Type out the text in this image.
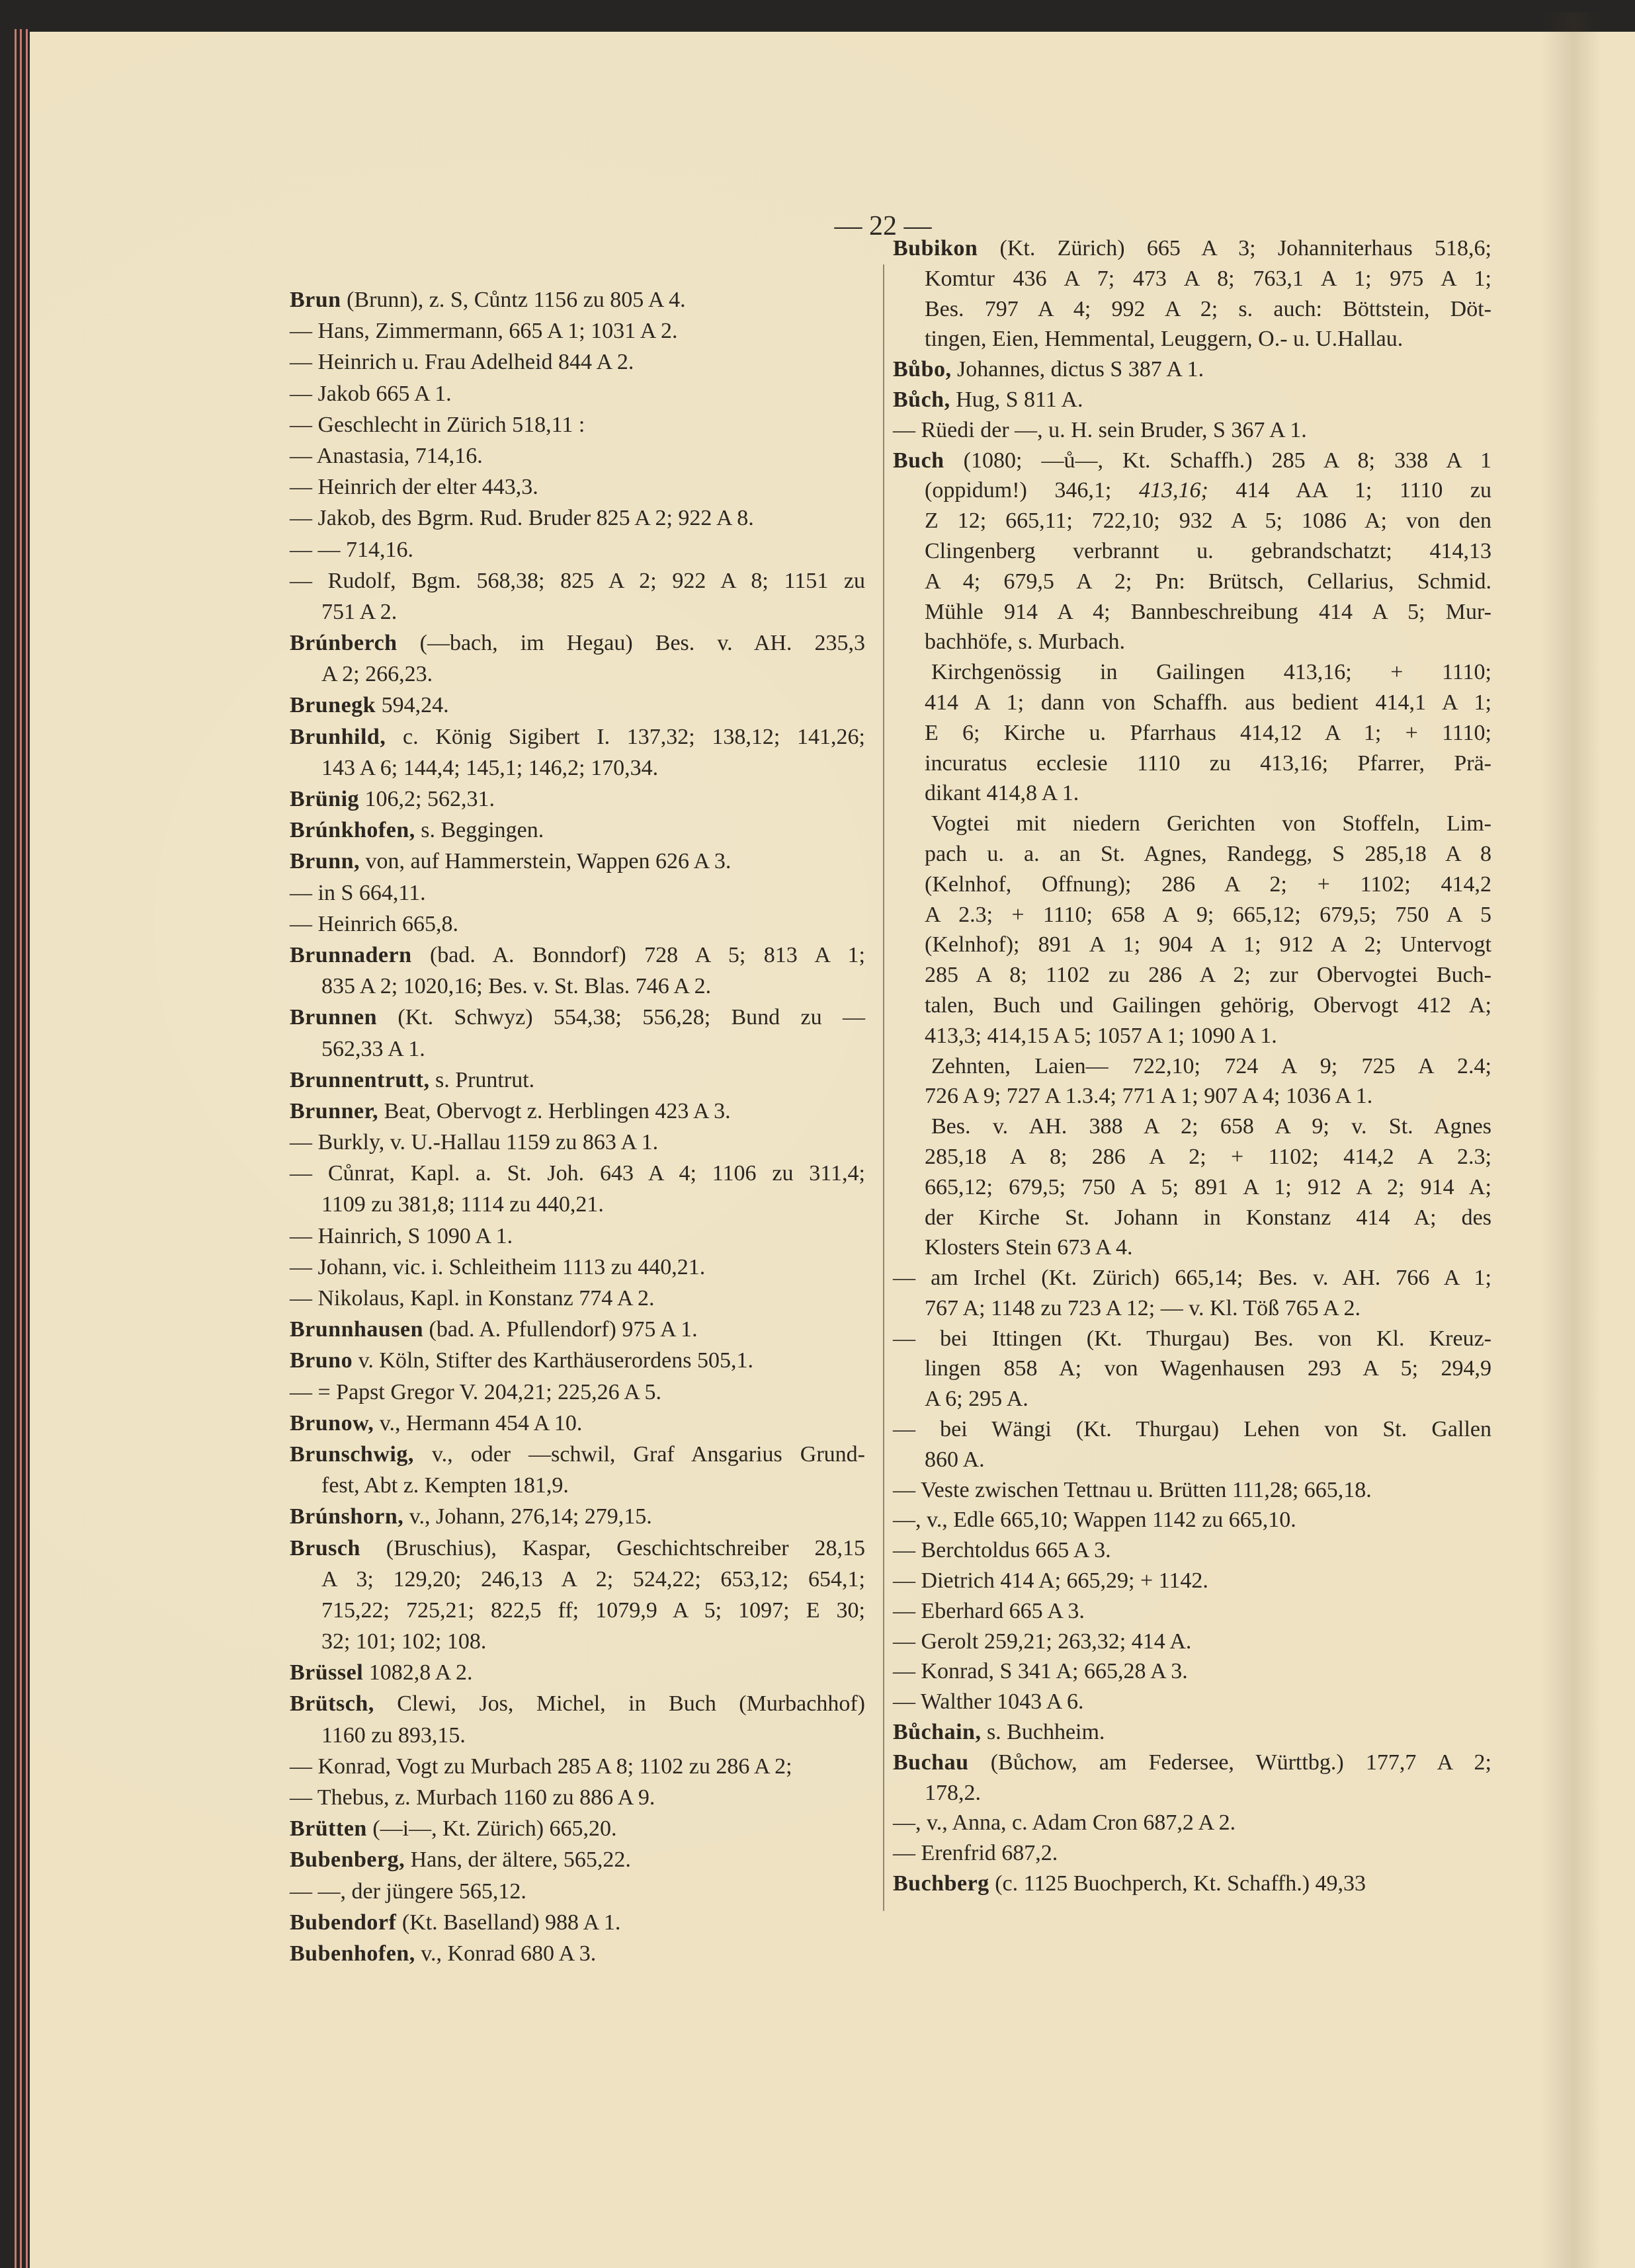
— 22 —
Brun (Brunn), z. S, Cůntz 1156 zu 805 A 4.
— Hans, Zimmermann, 665 A 1; 1031 A 2.
— Heinrich u. Frau Adelheid 844 A 2.
— Jakob 665 A 1.
— Geschlecht in Zürich 518,11 :
— Anastasia, 714,16.
— Heinrich der elter 443,3.
— Jakob, des Bgrm. Rud. Bruder 825 A 2; 922 A 8.
— — 714,16.
— Rudolf, Bgm. 568,38; 825 A 2; 922 A 8; 1151 zu
751 A 2.
Brúnberch (—bach, im Hegau) Bes. v. AH. 235,3
A 2; 266,23.
Brunegk 594,24.
Brunhild, c. König Sigibert I. 137,32; 138,12; 141,26;
143 A 6; 144,4; 145,1; 146,2; 170,34.
Brünig 106,2; 562,31.
Brúnkhofen, s. Beggingen.
Brunn, von, auf Hammerstein, Wappen 626 A 3.
— in S 664,11.
— Heinrich 665,8.
Brunnadern (bad. A. Bonndorf) 728 A 5; 813 A 1;
835 A 2; 1020,16; Bes. v. St. Blas. 746 A 2.
Brunnen (Kt. Schwyz) 554,38; 556,28; Bund zu —
562,33 A 1.
Brunnentrutt, s. Pruntrut.
Brunner, Beat, Obervogt z. Herblingen 423 A 3.
— Burkly, v. U.-Hallau 1159 zu 863 A 1.
— Cůnrat, Kapl. a. St. Joh. 643 A 4; 1106 zu 311,4;
1109 zu 381,8; 1114 zu 440,21.
— Hainrich, S 1090 A 1.
— Johann, vic. i. Schleitheim 1113 zu 440,21.
— Nikolaus, Kapl. in Konstanz 774 A 2.
Brunnhausen (bad. A. Pfullendorf) 975 A 1.
Bruno v. Köln, Stifter des Karthäuserordens 505,1.
— = Papst Gregor V. 204,21; 225,26 A 5.
Brunow, v., Hermann 454 A 10.
Brunschwig, v., oder —schwil, Graf Ansgarius Grund-
fest, Abt z. Kempten 181,9.
Brúnshorn, v., Johann, 276,14; 279,15.
Brusch (Bruschius), Kaspar, Geschichtschreiber 28,15
A 3; 129,20; 246,13 A 2; 524,22; 653,12; 654,1;
715,22; 725,21; 822,5 ff; 1079,9 A 5; 1097; E 30;
32; 101; 102; 108.
Brüssel 1082,8 A 2.
Brütsch, Clewi, Jos, Michel, in Buch (Murbachhof)
1160 zu 893,15.
— Konrad, Vogt zu Murbach 285 A 8; 1102 zu 286 A 2;
— Thebus, z. Murbach 1160 zu 886 A 9.
Brütten (—i—, Kt. Zürich) 665,20.
Bubenberg, Hans, der ältere, 565,22.
— —, der jüngere 565,12.
Bubendorf (Kt. Baselland) 988 A 1.
Bubenhofen, v., Konrad 680 A 3.
Bubikon (Kt. Zürich) 665 A 3; Johanniterhaus 518,6;
Komtur 436 A 7; 473 A 8; 763,1 A 1; 975 A 1;
Bes. 797 A 4; 992 A 2; s. auch: Böttstein, Döt-
tingen, Eien, Hemmental, Leuggern, O.- u. U.Hallau.
Bůbo, Johannes, dictus S 387 A 1.
Bůch, Hug, S 811 A.
— Rüedi der —, u. H. sein Bruder, S 367 A 1.
Buch (1080; —ů—, Kt. Schaffh.) 285 A 8; 338 A 1
(oppidum!) 346,1; 413,16; 414 AA 1; 1110 zu
Z 12; 665,11; 722,10; 932 A 5; 1086 A; von den
Clingenberg verbrannt u. gebrandschatzt; 414,13
A 4; 679,5 A 2; Pn: Brütsch, Cellarius, Schmid.
Mühle 914 A 4; Bannbeschreibung 414 A 5; Mur-
bachhöfe, s. Murbach.
Kirchgenössig in Gailingen 413,16; + 1110;
414 A 1; dann von Schaffh. aus bedient 414,1 A 1;
E 6; Kirche u. Pfarrhaus 414,12 A 1; + 1110;
incuratus ecclesie 1110 zu 413,16; Pfarrer, Prä-
dikant 414,8 A 1.
Vogtei mit niedern Gerichten von Stoffeln, Lim-
pach u. a. an St. Agnes, Randegg, S 285,18 A 8
(Kelnhof, Offnung); 286 A 2; + 1102; 414,2
A 2.3; + 1110; 658 A 9; 665,12; 679,5; 750 A 5
(Kelnhof); 891 A 1; 904 A 1; 912 A 2; Untervogt
285 A 8; 1102 zu 286 A 2; zur Obervogtei Buch-
talen, Buch und Gailingen gehörig, Obervogt 412 A;
413,3; 414,15 A 5; 1057 A 1; 1090 A 1.
Zehnten, Laien— 722,10; 724 A 9; 725 A 2.4;
726 A 9; 727 A 1.3.4; 771 A 1; 907 A 4; 1036 A 1.
Bes. v. AH. 388 A 2; 658 A 9; v. St. Agnes
285,18 A 8; 286 A 2; + 1102; 414,2 A 2.3;
665,12; 679,5; 750 A 5; 891 A 1; 912 A 2; 914 A;
der Kirche St. Johann in Konstanz 414 A; des
Klosters Stein 673 A 4.
— am Irchel (Kt. Zürich) 665,14; Bes. v. AH. 766 A 1;
767 A; 1148 zu 723 A 12; — v. Kl. Töß 765 A 2.
— bei Ittingen (Kt. Thurgau) Bes. von Kl. Kreuz-
lingen 858 A; von Wagenhausen 293 A 5; 294,9
A 6; 295 A.
— bei Wängi (Kt. Thurgau) Lehen von St. Gallen
860 A.
— Veste zwischen Tettnau u. Brütten 111,28; 665,18.
—, v., Edle 665,10; Wappen 1142 zu 665,10.
— Berchtoldus 665 A 3.
— Dietrich 414 A; 665,29; + 1142.
— Eberhard 665 A 3.
— Gerolt 259,21; 263,32; 414 A.
— Konrad, S 341 A; 665,28 A 3.
— Walther 1043 A 6.
Bůchain, s. Buchheim.
Buchau (Bůchow, am Federsee, Württbg.) 177,7 A 2;
178,2.
—, v., Anna, c. Adam Cron 687,2 A 2.
— Erenfrid 687,2.
Buchberg (c. 1125 Buochperch, Kt. Schaffh.) 49,33
